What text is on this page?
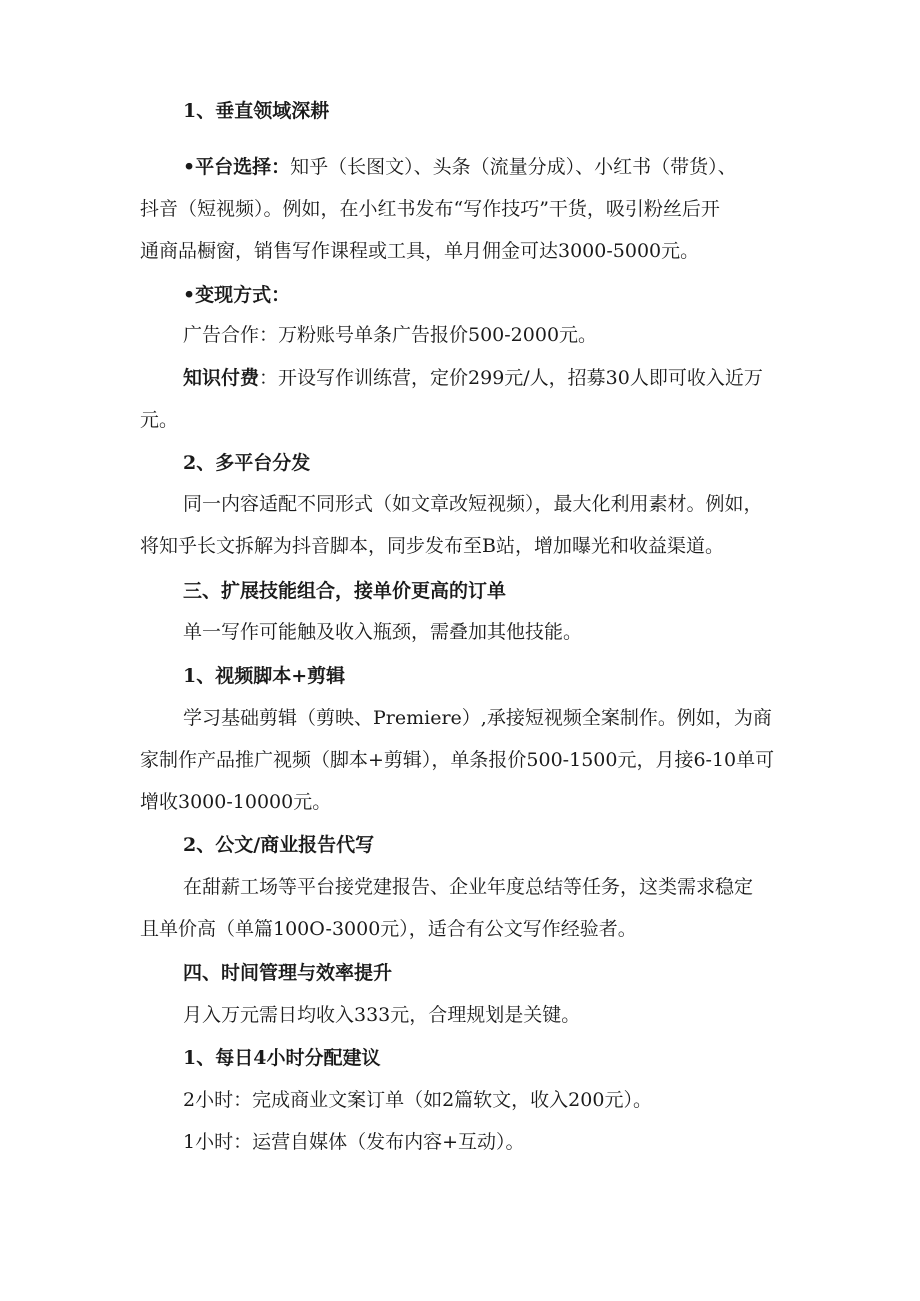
1、垂直领域深耕
•平台选择：知乎（长图文）、头条（流量分成）、小红书（带货）、
抖音（短视频）。例如，在小红书发布“写作技巧”干货，吸引粉丝后开
通商品橱窗，销售写作课程或工具，单月佣金可达3000-5000元。
•变现方式：
广告合作：万粉账号单条广告报价500-2000元。
知识付费：开设写作训练营，定价299元/人，招募30人即可收入近万
元。
2、多平台分发
同一内容适配不同形式（如文章改短视频），最大化利用素材。例如，
将知乎长文拆解为抖音脚本，同步发布至B站，增加曝光和收益渠道。
三、扩展技能组合，接单价更高的订单
单一写作可能触及收入瓶颈，需叠加其他技能。
1、视频脚本+剪辑
学习基础剪辑（剪映、Premiere）,承接短视频全案制作。例如，为商
家制作产品推广视频（脚本+剪辑），单条报价500-1500元，月接6-10单可
增收3000-10000元。
2、公文/商业报告代写
在甜薪工场等平台接党建报告、企业年度总结等任务，这类需求稳定
且单价高（单篇100O-3000元），适合有公文写作经验者。
四、时间管理与效率提升
月入万元需日均收入333元，合理规划是关键。
1、每日4小时分配建议
2小时：完成商业文案订单（如2篇软文，收入200元）。
1小时：运营自媒体（发布内容+互动）。
